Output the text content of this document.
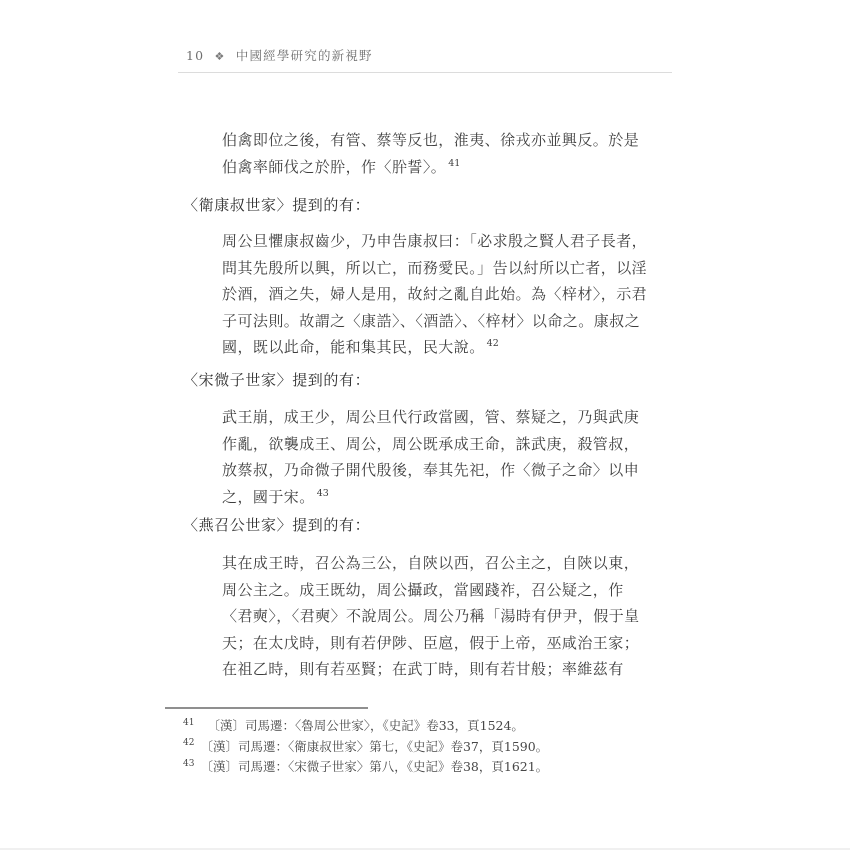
10 ❖ 中國經學研究的新視野
伯禽即位之後，有管、蔡等反也，淮夷、徐戎亦並興反。於是
伯禽率師伐之於肸，作〈肸誓〉。 $^{41}$
〈衛康叔世家〉提到的有：
周公旦懼康叔齒少，乃申告康叔曰：「必求殷之賢人君子長者，
問其先殷所以興，所以亡，而務愛民。」告以紂所以亡者，以淫
於酒，酒之失，婦人是用，故紂之亂自此始。為〈梓材〉，示君
子可法則。故謂之〈康誥〉、〈酒誥〉、〈梓材〉以命之。康叔之
國，既以此命，能和集其民，民大說。 $^{42}$
〈宋微子世家〉提到的有：
武王崩，成王少，周公旦代行政當國，管、蔡疑之，乃與武庚
作亂，欲襲成王、周公，周公既承成王命，誅武庚，殺管叔，
放蔡叔，乃命微子開代殷後，奉其先祀，作〈微子之命〉以申
之，國于宋。 $^{43}$
〈燕召公世家〉提到的有：
其在成王時，召公為三公，自陝以西，召公主之，自陝以東，
周公主之。成王既幼，周公攝政，當國踐祚，召公疑之，作
〈君奭〉，〈君奭〉不說周公。周公乃稱「湯時有伊尹，假于皇
天；在太戊時，則有若伊陟、臣扈，假于上帝，巫咸治王家；
在祖乙時，則有若巫賢；在武丁時，則有若甘般；率維茲有
$^{41}$ 〔漢〕司馬遷：〈魯周公世家〉，《史記》卷33，頁1524。
$^{42}$ 〔漢〕司馬遷：〈衛康叔世家〉第七，《史記》卷37，頁1590。
$^{43}$ 〔漢〕司馬遷：〈宋微子世家〉第八，《史記》卷38，頁1621。
